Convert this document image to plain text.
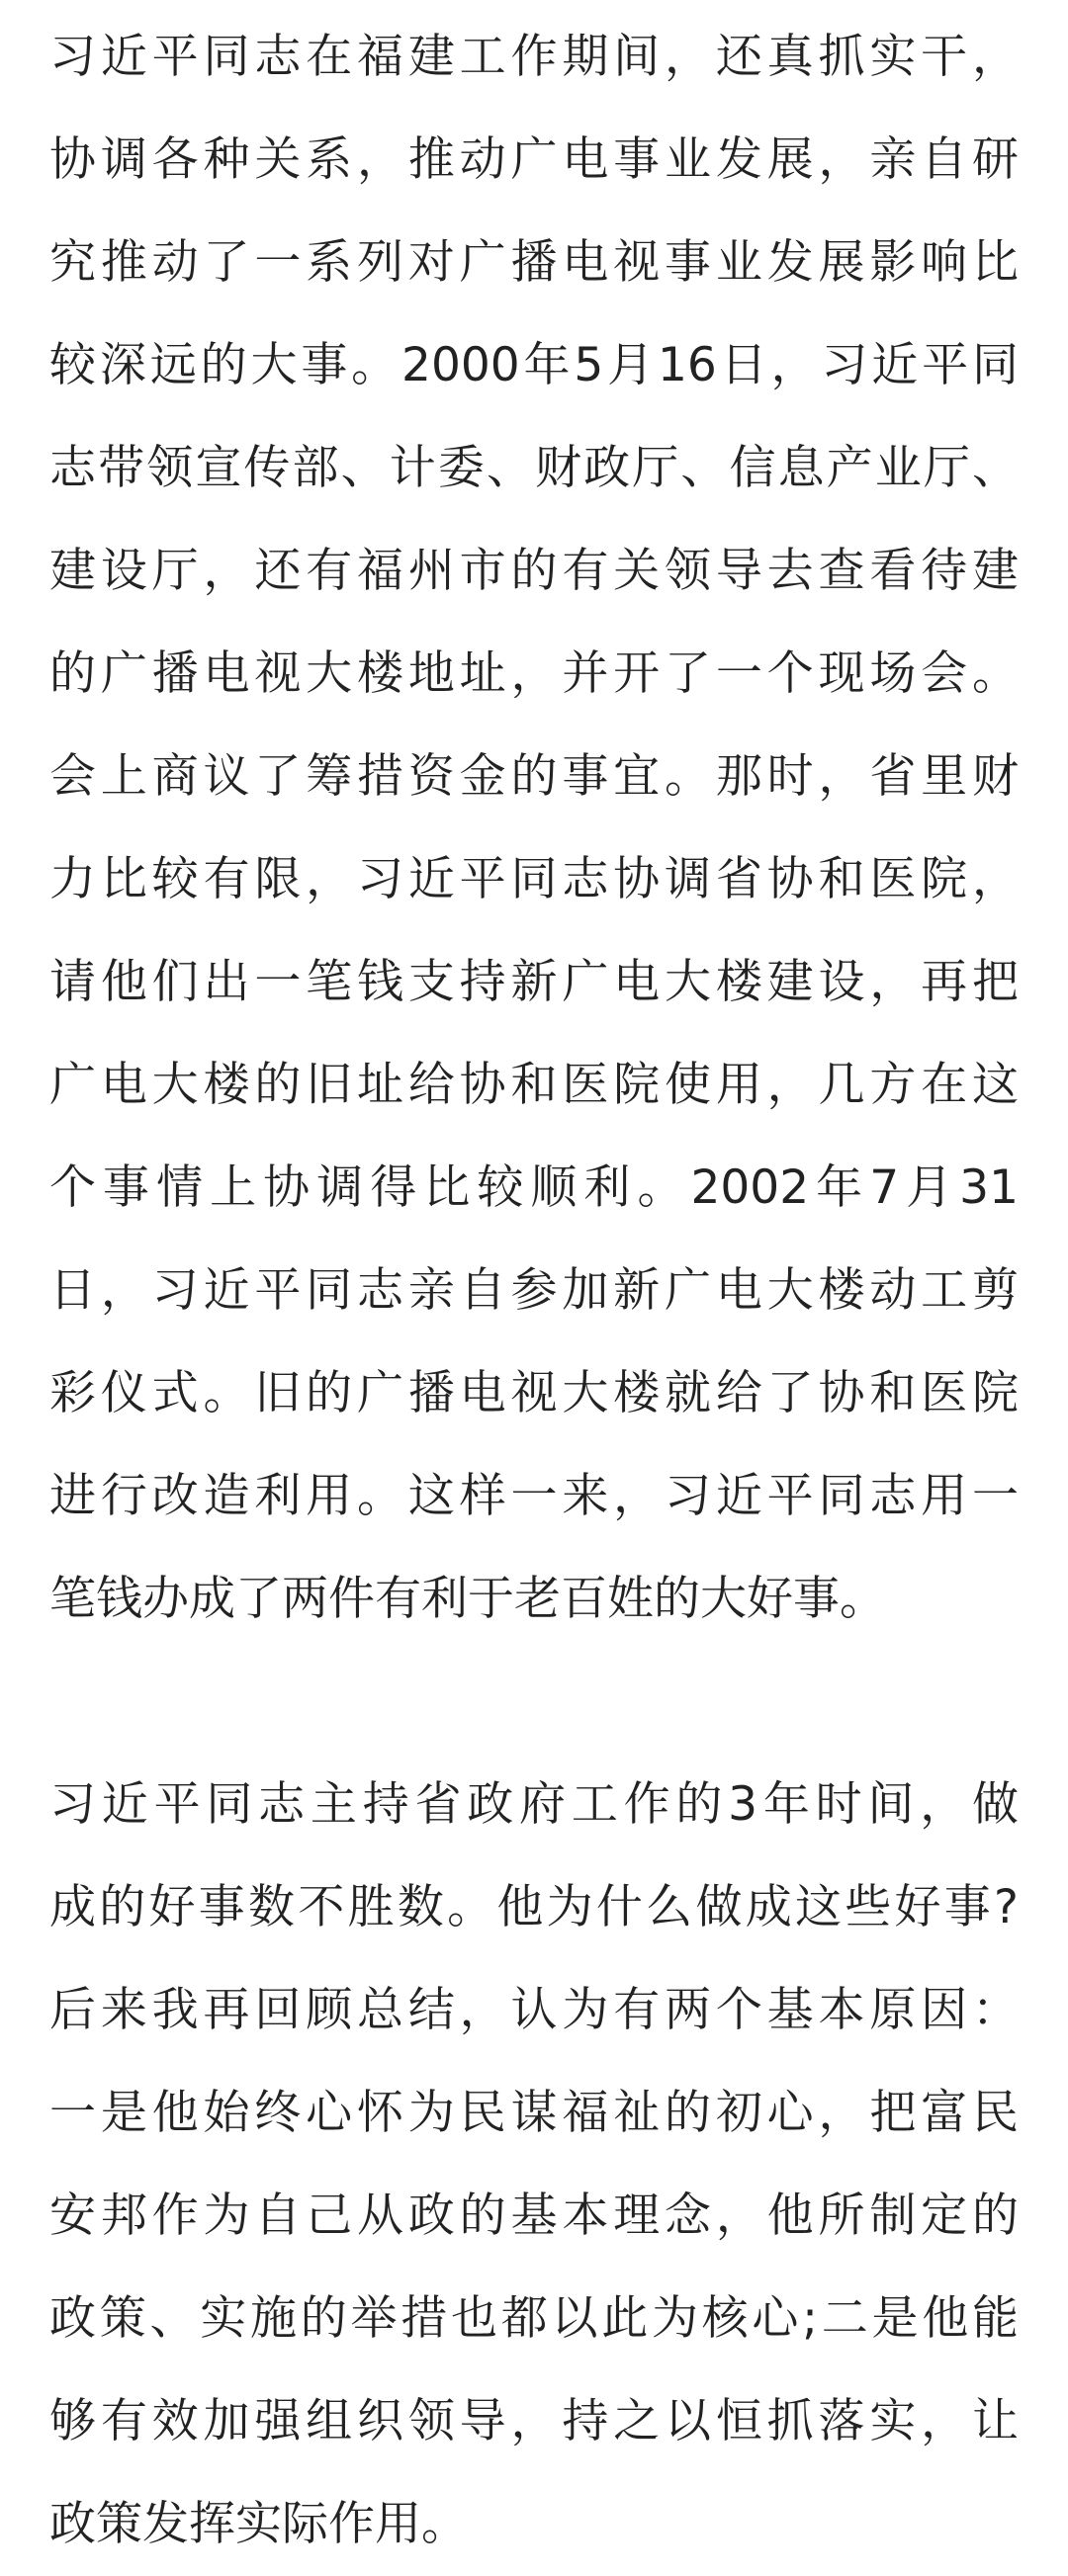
习近平同志在福建工作期间，还真抓实干，
协调各种关系，推动广电事业发展，亲自研
究推动了一系列对广播电视事业发展影响比
较深远的大事。2000年5月16日，习近平同
志带领宣传部、计委、财政厅、信息产业厅、
建设厅，还有福州市的有关领导去查看待建
的广播电视大楼地址，并开了一个现场会。
会上商议了筹措资金的事宜。那时，省里财
力比较有限，习近平同志协调省协和医院，
请他们出一笔钱支持新广电大楼建设，再把
广电大楼的旧址给协和医院使用，几方在这
个事情上协调得比较顺利。2002年7月31
日，习近平同志亲自参加新广电大楼动工剪
彩仪式。旧的广播电视大楼就给了协和医院
进行改造利用。这样一来，习近平同志用一
笔钱办成了两件有利于老百姓的大好事。
习近平同志主持省政府工作的3年时间，做
成的好事数不胜数。他为什么做成这些好事?
后来我再回顾总结，认为有两个基本原因：
一是他始终心怀为民谋福祉的初心，把富民
安邦作为自己从政的基本理念，他所制定的
政策、实施的举措也都以此为核心;二是他能
够有效加强组织领导，持之以恒抓落实，让
政策发挥实际作用。
